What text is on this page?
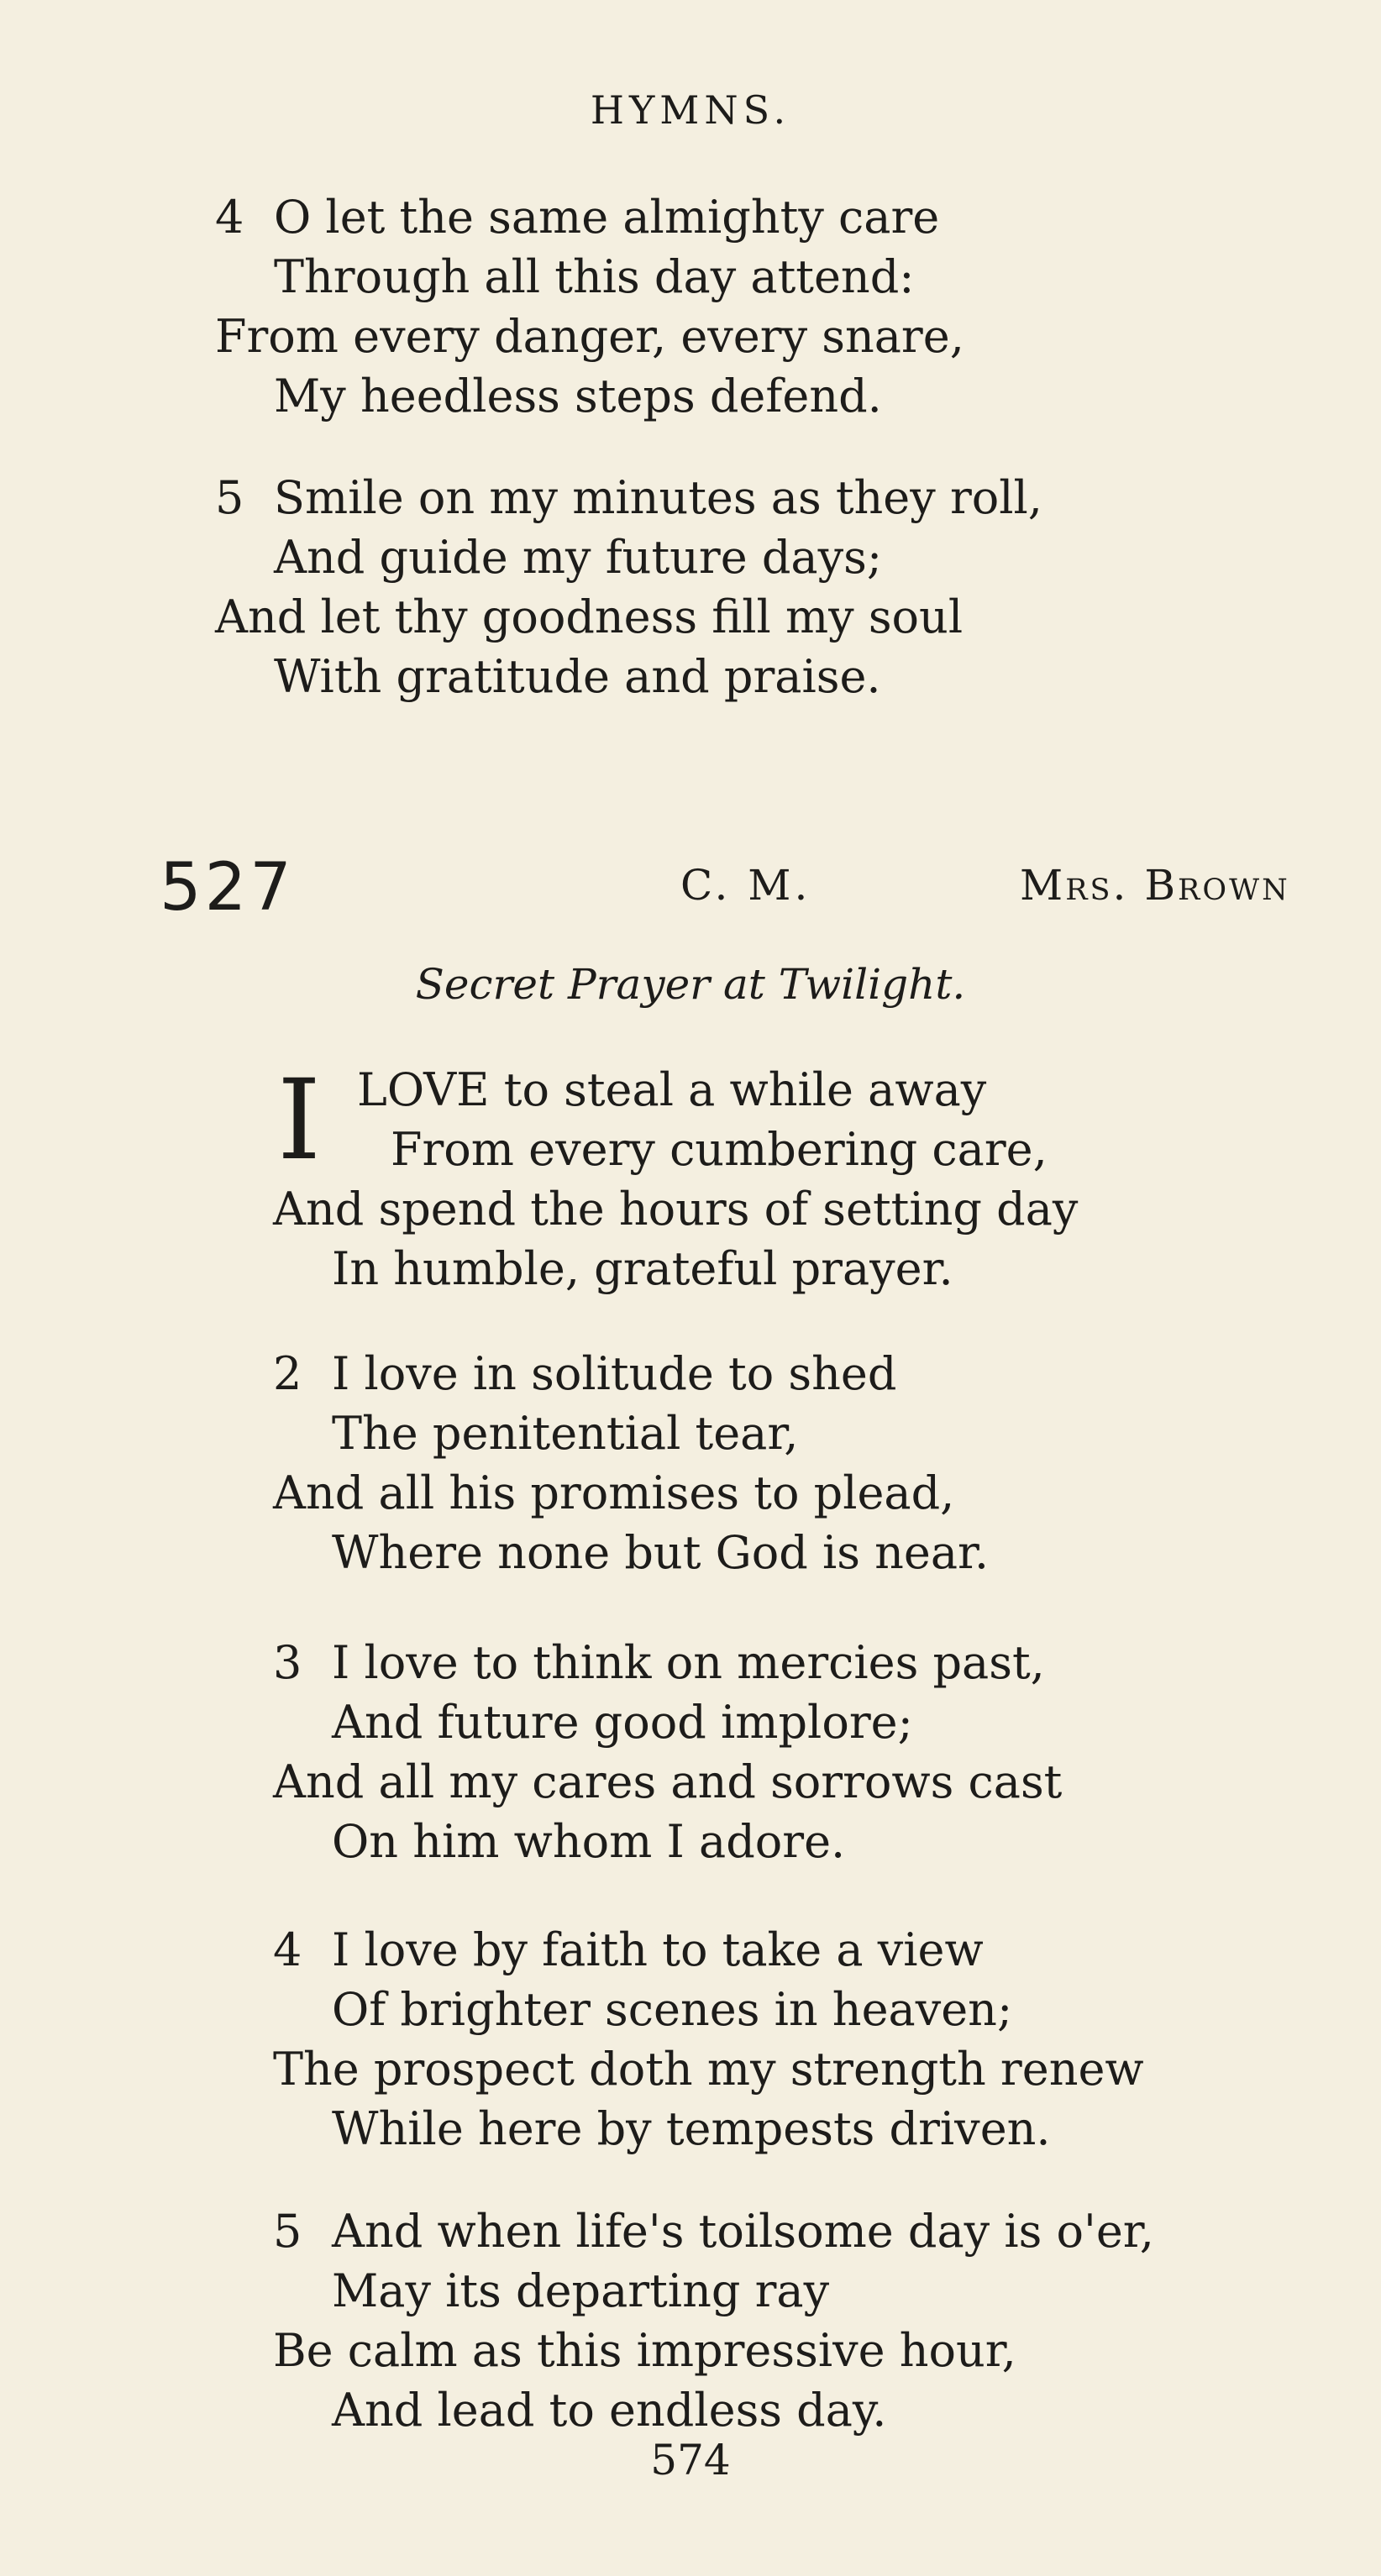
HYMNS.
4 O let the same almighty care
Through all this day attend:
From every danger, every snare,
My heedless steps defend.
5 Smile on my minutes as they roll,
And guide my future days;
And let thy goodness fill my soul
With gratitude and praise.
527	C. M.	Mrs. Brown
Secret Prayer at Twilight.
I LOVE to steal a while away
From every cumbering care,
And spend the hours of setting day
In humble, grateful prayer.
2 I love in solitude to shed
The penitential tear,
And all his promises to plead,
Where none but God is near.
3 I love to think on mercies past,
And future good implore;
And all my cares and sorrows cast
On him whom I adore.
4 I love by faith to take a view
Of brighter scenes in heaven;
The prospect doth my strength renew
While here by tempests driven.
5 And when life's toilsome day is o'er,
May its departing ray
Be calm as this impressive hour,
And lead to endless day.
574
